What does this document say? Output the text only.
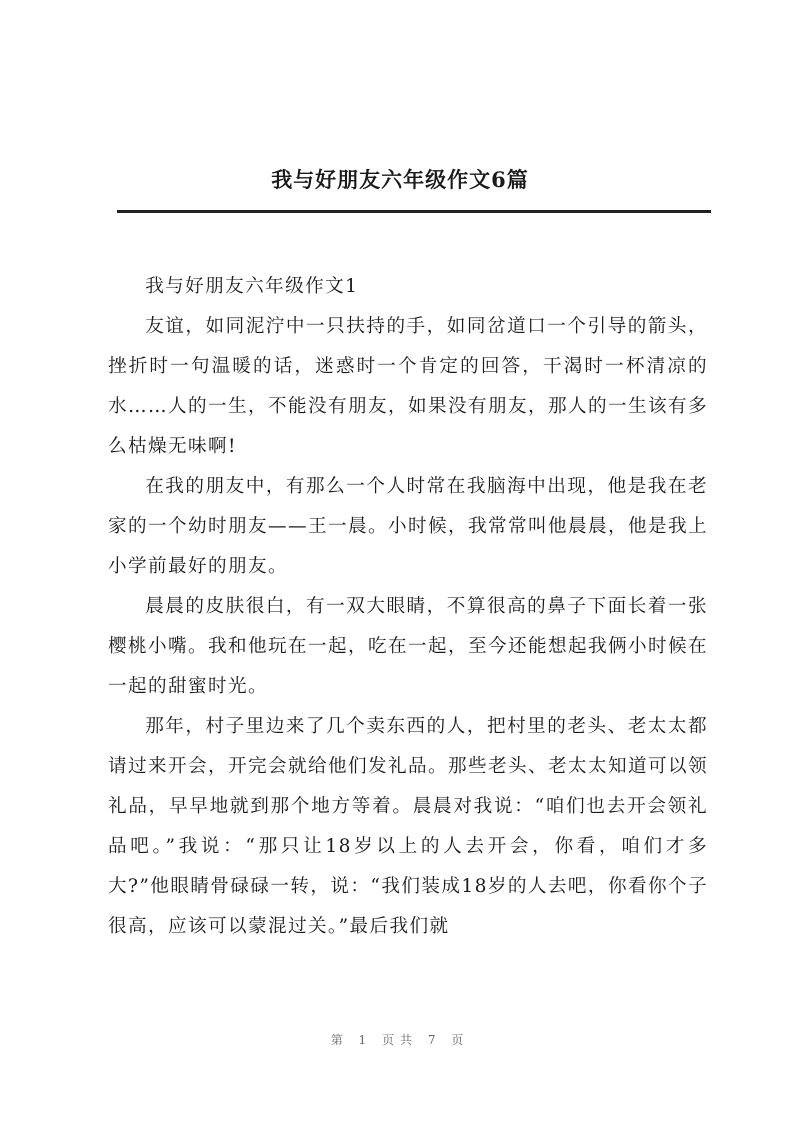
我与好朋友六年级作文6篇

我与好朋友六年级作文1

友谊，如同泥泞中一只扶持的手，如同岔道口一个引导的箭头，挫折时一句温暖的话，迷惑时一个肯定的回答，干渴时一杯清凉的水……人的一生，不能没有朋友，如果没有朋友，那人的一生该有多么枯燥无味啊!

在我的朋友中，有那么一个人时常在我脑海中出现，他是我在老家的一个幼时朋友——王一晨。小时候，我常常叫他晨晨，他是我上小学前最好的朋友。

晨晨的皮肤很白，有一双大眼睛，不算很高的鼻子下面长着一张樱桃小嘴。我和他玩在一起，吃在一起，至今还能想起我俩小时候在一起的甜蜜时光。

那年，村子里边来了几个卖东西的人，把村里的老头、老太太都请过来开会，开完会就给他们发礼品。那些老头、老太太知道可以领礼品，早早地就到那个地方等着。晨晨对我说：“咱们也去开会领礼品吧。”我说：“那只让18岁以上的人去开会，你看，咱们才多大?”他眼睛骨碌碌一转，说：“我们装成18岁的人去吧，你看你个子很高，应该可以蒙混过关。”最后我们就

第 1 页共 7 页
